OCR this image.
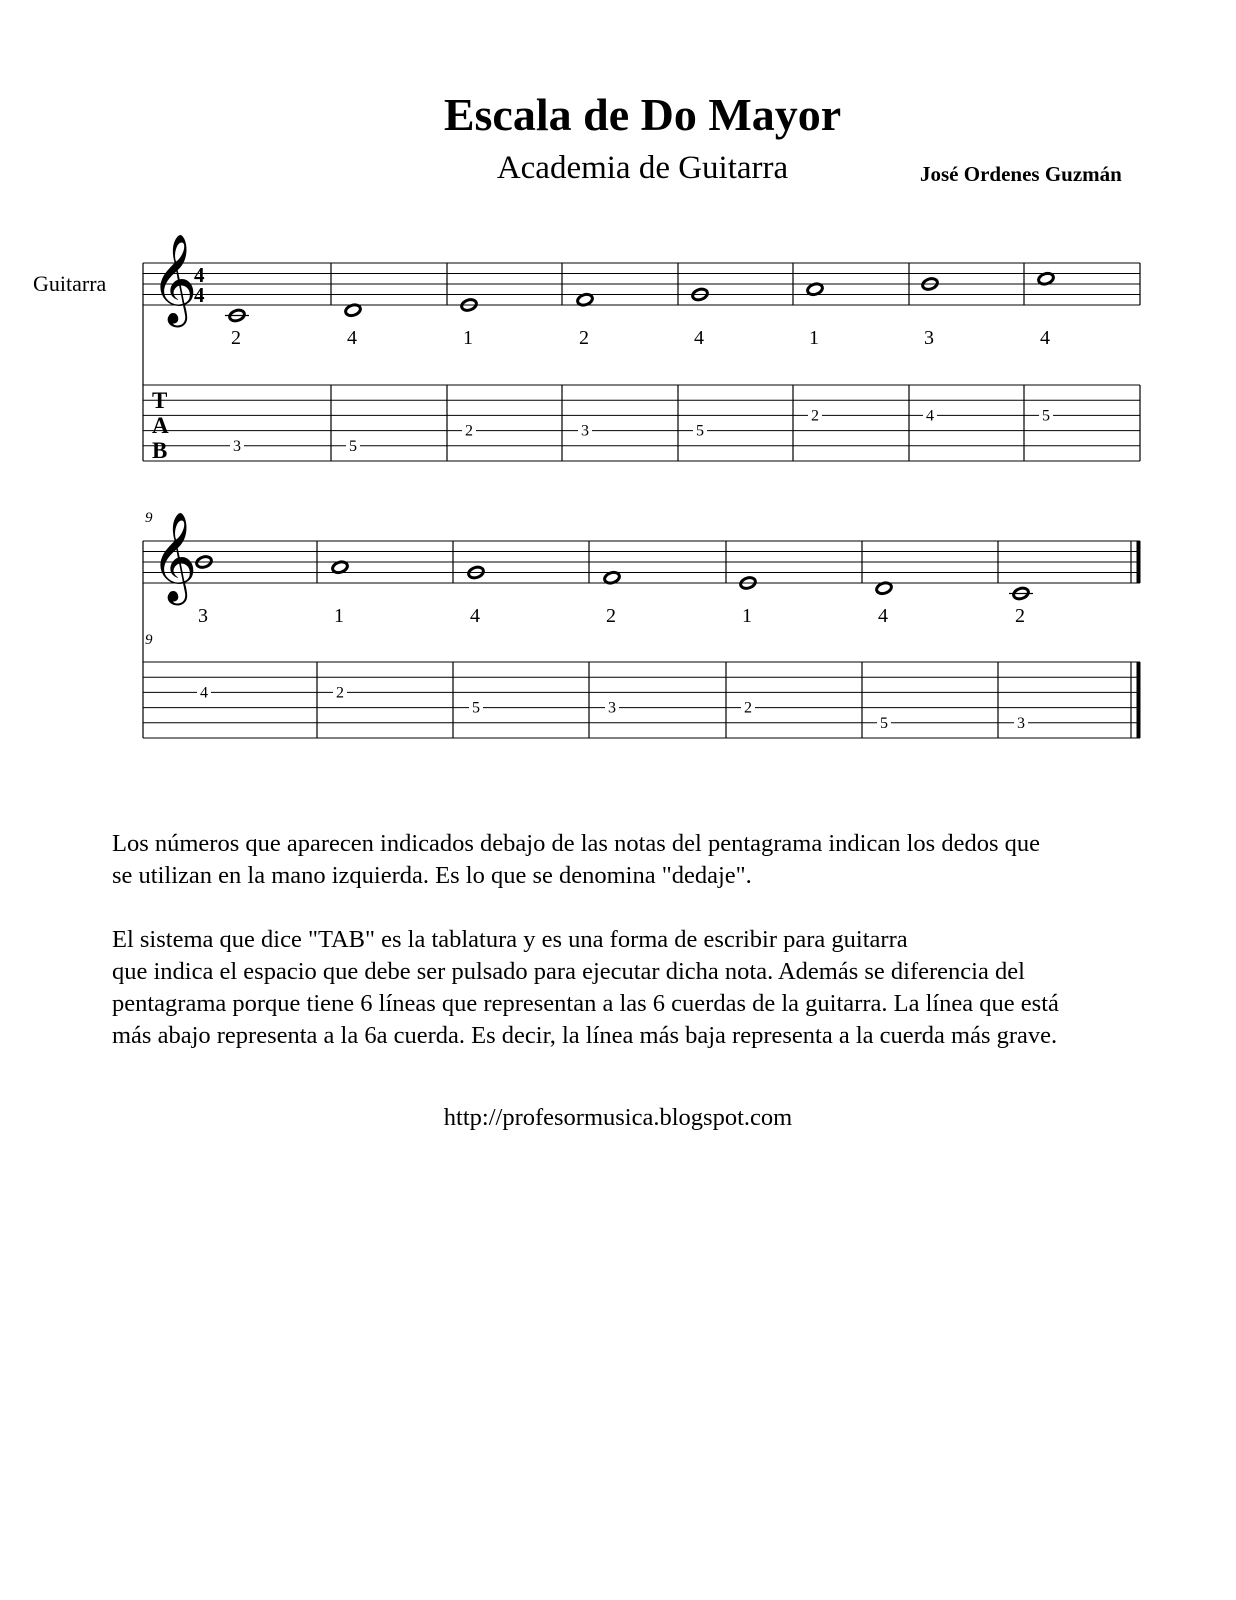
Escala de Do Mayor
Academia de Guitarra	José Ordenes Guzmán
Guitarra 𝄞
4
4
T
A
B
2
3
4
5
1
2
2
3
4
5
1
2
3
4
4
5
9
9
𝄞
3
4
1
2
4
5
2
3
1
2
4
5
2
3

Los números que aparecen indicados debajo de las notas del pentagrama indican los dedos que

se utilizan en la mano izquierda. Es lo que se denomina "dedaje".

El sistema que dice "TAB" es la tablatura y es una forma de escribir para guitarra

que indica el espacio que debe ser pulsado para ejecutar dicha nota. Además se diferencia del

pentagrama porque tiene 6 líneas que representan a las 6 cuerdas de la guitarra. La línea que está

más abajo representa a la 6a cuerda. Es decir, la línea más baja representa a la cuerda más grave.

http://profesormusica.blogspot.com
